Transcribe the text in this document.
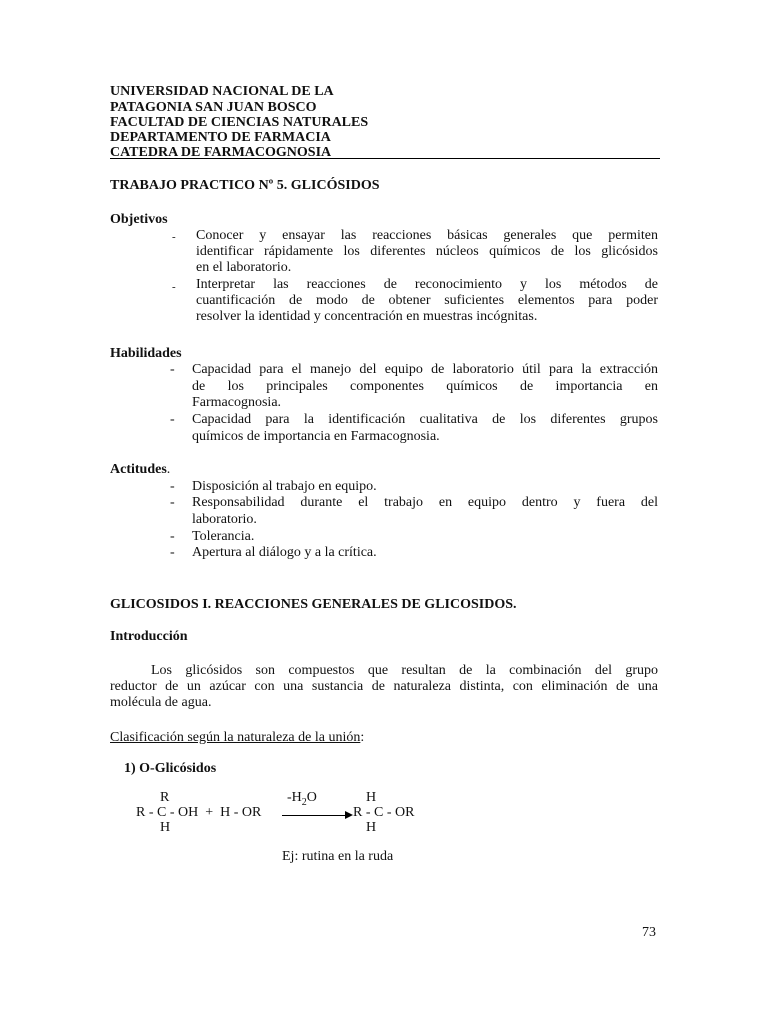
UNIVERSIDAD NACIONAL DE LA
PATAGONIA SAN JUAN BOSCO
FACULTAD DE CIENCIAS NATURALES
DEPARTAMENTO DE FARMACIA
CATEDRA DE FARMACOGNOSIA
TRABAJO PRACTICO Nº 5. GLICÓSIDOS
Objetivos
- Conocer y ensayar las reacciones básicas generales que permiten
identificar rápidamente los diferentes núcleos químicos de los glicósidos
en el laboratorio.
- Interpretar las reacciones de reconocimiento y los métodos de
cuantificación de modo de obtener suficientes elementos para poder
resolver la identidad y concentración en muestras incógnitas.
Habilidades
- Capacidad para el manejo del equipo de laboratorio útil para la extracción
de los principales componentes químicos de importancia en
Farmacognosia.
- Capacidad para la identificación cualitativa de los diferentes grupos
químicos de importancia en Farmacognosia.
Actitudes.
- Disposición al trabajo en equipo.
- Responsabilidad durante el trabajo en equipo dentro y fuera del
laboratorio.
- Tolerancia.
- Apertura al diálogo y a la crítica.
GLICOSIDOS I. REACCIONES GENERALES DE GLICOSIDOS.
Introducción
Los glicósidos son compuestos que resultan de la combinación del grupo
reductor de un azúcar con una sustancia de naturaleza distinta, con eliminación de una
molécula de agua.
Clasificación según la naturaleza de la unión:
1) O-Glicósidos
R	$-H_2O$	H
R - C - OH  +  H - OR	R - C - OR
H	H
Ej: rutina en la ruda
73
